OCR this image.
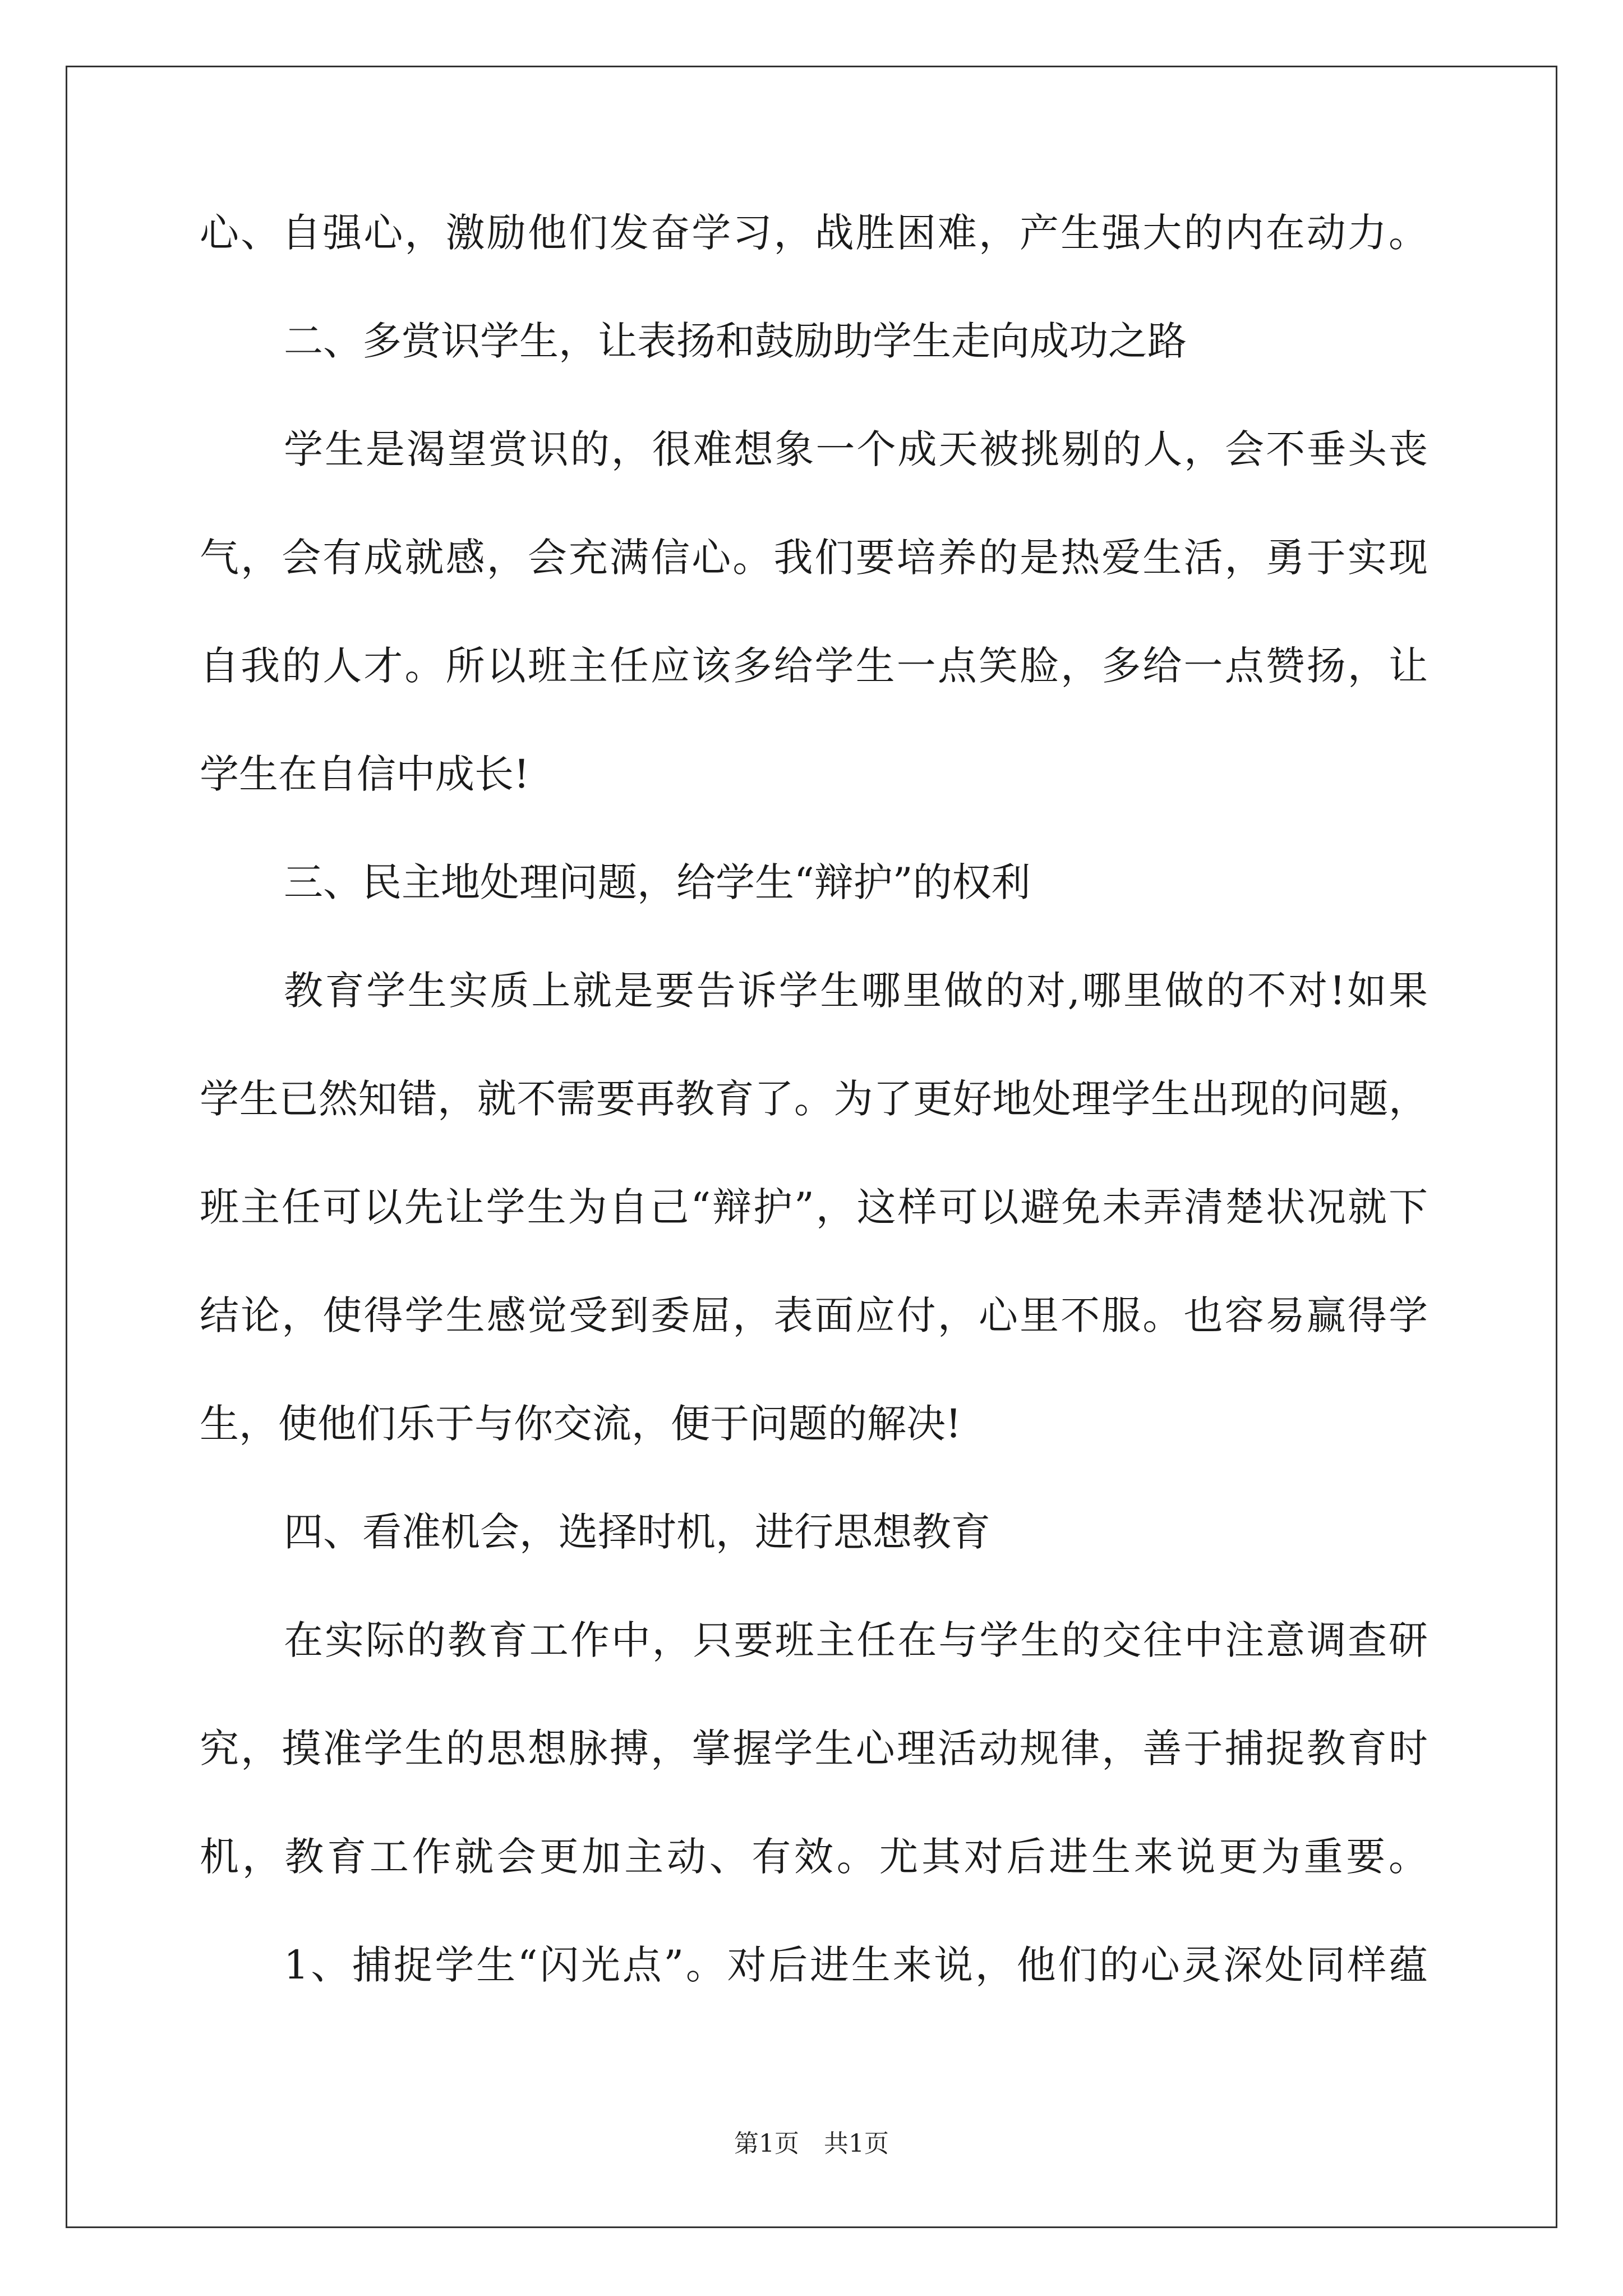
心、自强心，激励他们发奋学习，战胜困难，产生强大的内在动力。
二、多赏识学生，让表扬和鼓励助学生走向成功之路
学生是渴望赏识的，很难想象一个成天被挑剔的人，会不垂头丧
气，会有成就感，会充满信心。我们要培养的是热爱生活，勇于实现
自我的人才。所以班主任应该多给学生一点笑脸，多给一点赞扬，让
学生在自信中成长!
三、民主地处理问题，给学生“辩护”的权利
教育学生实质上就是要告诉学生哪里做的对,哪里做的不对!如果
学生已然知错，就不需要再教育了。为了更好地处理学生出现的问题，
班主任可以先让学生为自己“辩护”，这样可以避免未弄清楚状况就下
结论，使得学生感觉受到委屈，表面应付，心里不服。也容易赢得学
生，使他们乐于与你交流，便于问题的解决!
四、看准机会，选择时机，进行思想教育
在实际的教育工作中，只要班主任在与学生的交往中注意调查研
究，摸准学生的思想脉搏，掌握学生心理活动规律，善于捕捉教育时
机，教育工作就会更加主动、有效。尤其对后进生来说更为重要。
1、捕捉学生“闪光点”。对后进生来说，他们的心灵深处同样蕴
第1页　共1页
